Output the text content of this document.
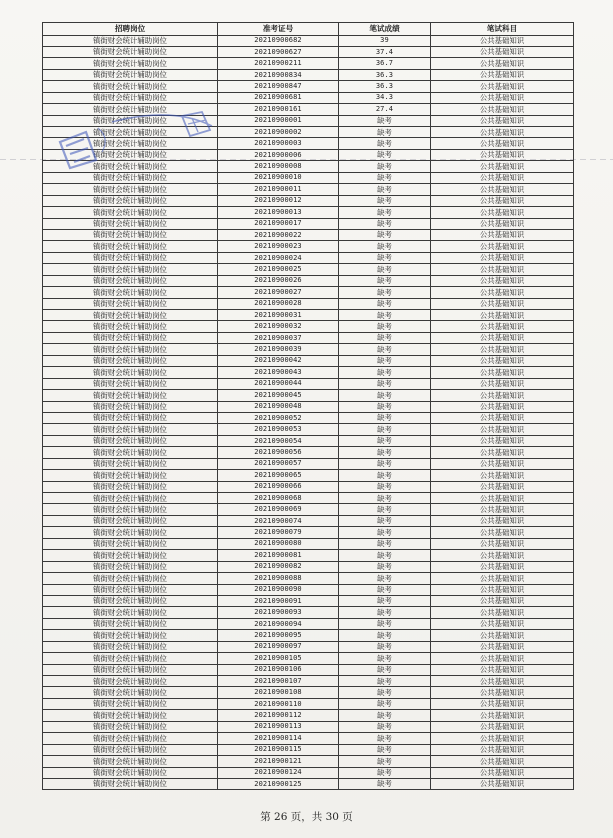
招聘岗位	准考证号	笔试成绩	笔试科目
镇街财会统计辅助岗位	20210900682	39	公共基础知识
镇街财会统计辅助岗位	20210900627	37.4	公共基础知识
镇街财会统计辅助岗位	20210900211	36.7	公共基础知识
镇街财会统计辅助岗位	20210900834	36.3	公共基础知识
镇街财会统计辅助岗位	20210900847	36.3	公共基础知识
镇街财会统计辅助岗位	20210900681	34.3	公共基础知识
镇街财会统计辅助岗位	20210900161	27.4	公共基础知识
镇街财会统计辅助岗位	20210900001	缺考	公共基础知识
镇街财会统计辅助岗位	20210900002	缺考	公共基础知识
镇街财会统计辅助岗位	20210900003	缺考	公共基础知识
镇街财会统计辅助岗位	20210900006	缺考	公共基础知识
镇街财会统计辅助岗位	20210900008	缺考	公共基础知识
镇街财会统计辅助岗位	20210900010	缺考	公共基础知识
镇街财会统计辅助岗位	20210900011	缺考	公共基础知识
镇街财会统计辅助岗位	20210900012	缺考	公共基础知识
镇街财会统计辅助岗位	20210900013	缺考	公共基础知识
镇街财会统计辅助岗位	20210900017	缺考	公共基础知识
镇街财会统计辅助岗位	20210900022	缺考	公共基础知识
镇街财会统计辅助岗位	20210900023	缺考	公共基础知识
镇街财会统计辅助岗位	20210900024	缺考	公共基础知识
镇街财会统计辅助岗位	20210900025	缺考	公共基础知识
镇街财会统计辅助岗位	20210900026	缺考	公共基础知识
镇街财会统计辅助岗位	20210900027	缺考	公共基础知识
镇街财会统计辅助岗位	20210900028	缺考	公共基础知识
镇街财会统计辅助岗位	20210900031	缺考	公共基础知识
镇街财会统计辅助岗位	20210900032	缺考	公共基础知识
镇街财会统计辅助岗位	20210900037	缺考	公共基础知识
镇街财会统计辅助岗位	20210900039	缺考	公共基础知识
镇街财会统计辅助岗位	20210900042	缺考	公共基础知识
镇街财会统计辅助岗位	20210900043	缺考	公共基础知识
镇街财会统计辅助岗位	20210900044	缺考	公共基础知识
镇街财会统计辅助岗位	20210900045	缺考	公共基础知识
镇街财会统计辅助岗位	20210900048	缺考	公共基础知识
镇街财会统计辅助岗位	20210900052	缺考	公共基础知识
镇街财会统计辅助岗位	20210900053	缺考	公共基础知识
镇街财会统计辅助岗位	20210900054	缺考	公共基础知识
镇街财会统计辅助岗位	20210900056	缺考	公共基础知识
镇街财会统计辅助岗位	20210900057	缺考	公共基础知识
镇街财会统计辅助岗位	20210900065	缺考	公共基础知识
镇街财会统计辅助岗位	20210900066	缺考	公共基础知识
镇街财会统计辅助岗位	20210900068	缺考	公共基础知识
镇街财会统计辅助岗位	20210900069	缺考	公共基础知识
镇街财会统计辅助岗位	20210900074	缺考	公共基础知识
镇街财会统计辅助岗位	20210900079	缺考	公共基础知识
镇街财会统计辅助岗位	20210900080	缺考	公共基础知识
镇街财会统计辅助岗位	20210900081	缺考	公共基础知识
镇街财会统计辅助岗位	20210900082	缺考	公共基础知识
镇街财会统计辅助岗位	20210900088	缺考	公共基础知识
镇街财会统计辅助岗位	20210900090	缺考	公共基础知识
镇街财会统计辅助岗位	20210900091	缺考	公共基础知识
镇街财会统计辅助岗位	20210900093	缺考	公共基础知识
镇街财会统计辅助岗位	20210900094	缺考	公共基础知识
镇街财会统计辅助岗位	20210900095	缺考	公共基础知识
镇街财会统计辅助岗位	20210900097	缺考	公共基础知识
镇街财会统计辅助岗位	20210900105	缺考	公共基础知识
镇街财会统计辅助岗位	20210900106	缺考	公共基础知识
镇街财会统计辅助岗位	20210900107	缺考	公共基础知识
镇街财会统计辅助岗位	20210900108	缺考	公共基础知识
镇街财会统计辅助岗位	20210900110	缺考	公共基础知识
镇街财会统计辅助岗位	20210900112	缺考	公共基础知识
镇街财会统计辅助岗位	20210900113	缺考	公共基础知识
镇街财会统计辅助岗位	20210900114	缺考	公共基础知识
镇街财会统计辅助岗位	20210900115	缺考	公共基础知识
镇街财会统计辅助岗位	20210900121	缺考	公共基础知识
镇街财会统计辅助岗位	20210900124	缺考	公共基础知识
镇街财会统计辅助岗位	20210900125	缺考	公共基础知识
第 26 页，共 30 页
